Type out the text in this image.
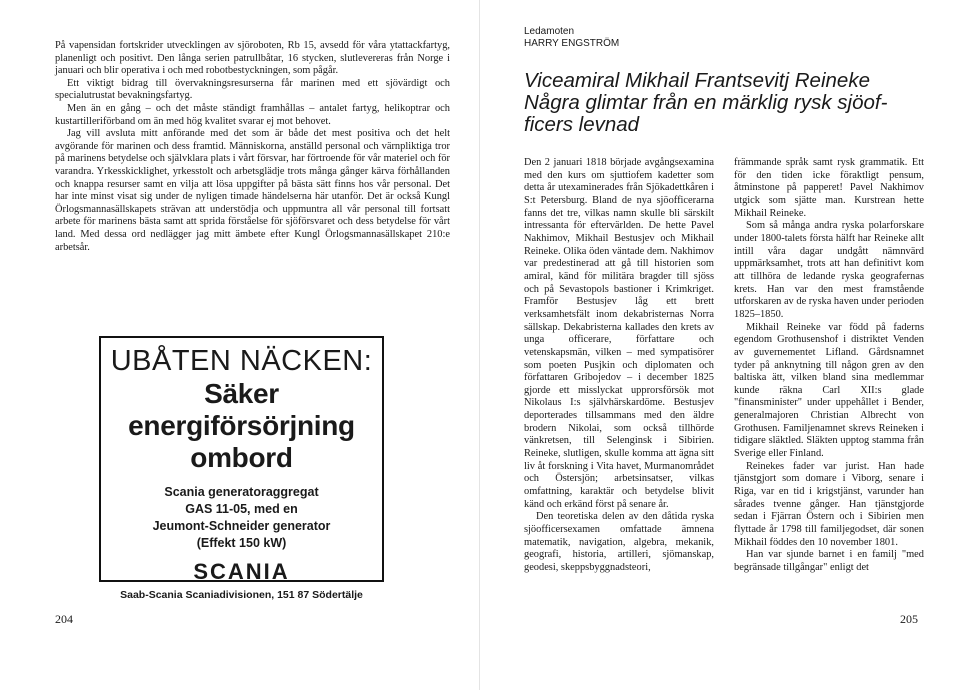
På vapensidan fortskrider utvecklingen av sjöroboten, Rb 15, avsedd för våra ytattackfartyg, planenligt och positivt. Den långa serien patrullbåtar, 16 stycken, slutlevereras från Norge i januari och blir operativa i och med robotbestyckningen, som pågår.

Ett viktigt bidrag till övervakningsresurserna får marinen med ett sjövärdigt och specialutrustat bevakningsfartyg.

Men än en gång – och det måste ständigt framhållas – antalet fartyg, helikoptrar och kustartilleriförband om än med hög kvalitet svarar ej mot behovet.

Jag vill avsluta mitt anförande med det som är både det mest positiva och det helt avgörande för marinen och dess framtid. Människorna, anställd personal och värnpliktiga tror på marinens betydelse och självklara plats i vårt försvar, har förtroende för vår materiel och för varandra. Yrkesskicklighet, yrkesstolt och arbetsglädje trots många gånger kärva förhållanden och knappa resurser samt en vilja att lösa uppgifter på bästa sätt finns hos vår personal. Det har inte minst visat sig under de nyligen timade händelserna här utanför. Det är också Kungl Örlogsmannasällskapets strävan att understödja och uppmuntra all vår personal till fortsatt arbete för marinens bästa samt att sprida förståelse för sjöförsvaret och dess betydelse för vårt land. Med dessa ord nedlägger jag mitt ämbete efter Kungl Örlogsmannasällskapet 210:e arbetsår.

UBÅTEN NÄCKEN:
Säker
energiförsörjning
ombord
Scania generatoraggregat
GAS 11-05, med en
Jeumont-Schneider generator
(Effekt 150 kW)
SCANIA
Saab-Scania Scaniadivisionen, 151 87 Södertälje
204
Ledamoten
HARRY ENGSTRÖM
Viceamiral Mikhail Frantsevitj Reineke
Några glimtar från en märklig rysk sjöof-
ficers levnad

Den 2 januari 1818 började avgångsexamina med den kurs om sjuttiofem kadetter som detta år utexaminerades från Sjökadettkåren i S:t Petersburg. Bland de nya sjöofficerarna fanns det tre, vilkas namn skulle bli särskilt intressanta för eftervärlden. De hette Pavel Nakhimov, Mikhail Bestusjev och Mikhail Reineke. Olika öden väntade dem. Nakhimov var predestinerad att gå till historien som amiral, känd för militära bragder till sjöss och på Sevastopols bastioner i Krimkriget. Framför Bestusjev låg ett brett verksamhetsfält inom dekabristernas Norra sällskap. Dekabristerna kallades den krets av unga officerare, författare och vetenskapsmän, vilken – med sympatisörer som poeten Pusjkin och diplomaten och författaren Gribojedov – i december 1825 gjorde ett misslyckat upprorsförsök mot Nikolaus I:s självhärskardöme. Bestusjev deporterades tillsammans med den äldre brodern Nikolai, som också tillhörde vänkretsen, till Selenginsk i Sibirien. Reineke, slutligen, skulle komma att ägna sitt liv åt forskning i Vita havet, Murmanområdet och Östersjön; arbetsinsatser, vilkas omfattning, karaktär och betydelse blivit känd och erkänd först på senare år.

Den teoretiska delen av den dåtida ryska sjöofficersexamen omfattade ämnena matematik, navigation, algebra, mekanik, geografi, historia, artilleri, sjömanskap, geodesi, skeppsbyggnadsteori,

främmande språk samt rysk grammatik. Ett för den tiden icke föraktligt pensum, åtminstone på papperet! Pavel Nakhimov utgick som sjätte man. Kurstrean hette Mikhail Reineke.

Som så många andra ryska polarforskare under 1800-talets första hälft har Reineke allt intill våra dagar undgått nämnvärd uppmärksamhet, trots att han definitivt kom att tillhöra de ledande ryska geografernas krets. Han var den mest framstående utforskaren av de ryska haven under perioden 1825–1850.

Mikhail Reineke var född på faderns egendom Grothusenshof i distriktet Venden av guvernementet Lifland. Gårdsnamnet tyder på anknytning till någon gren av den baltiska ätt, vilken bland sina medlemmar kunde räkna Carl XII:s glade "finansminister" under uppehållet i Bender, generalmajoren Christian Albrecht von Grothusen. Familjenamnet skrevs Reineken i tidigare släktled. Släkten upptog stamma från Sverige eller Finland.

Reinekes fader var jurist. Han hade tjänstgjort som domare i Viborg, senare i Riga, var en tid i krigstjänst, varunder han sårades tvenne gånger. Han tjänstgjorde sedan i Fjärran Östern och i Sibirien men flyttade år 1798 till familjegodset, där sonen Mikhail föddes den 10 november 1801.

Han var sjunde barnet i en familj "med begränsade tillgångar" enligt det

205
